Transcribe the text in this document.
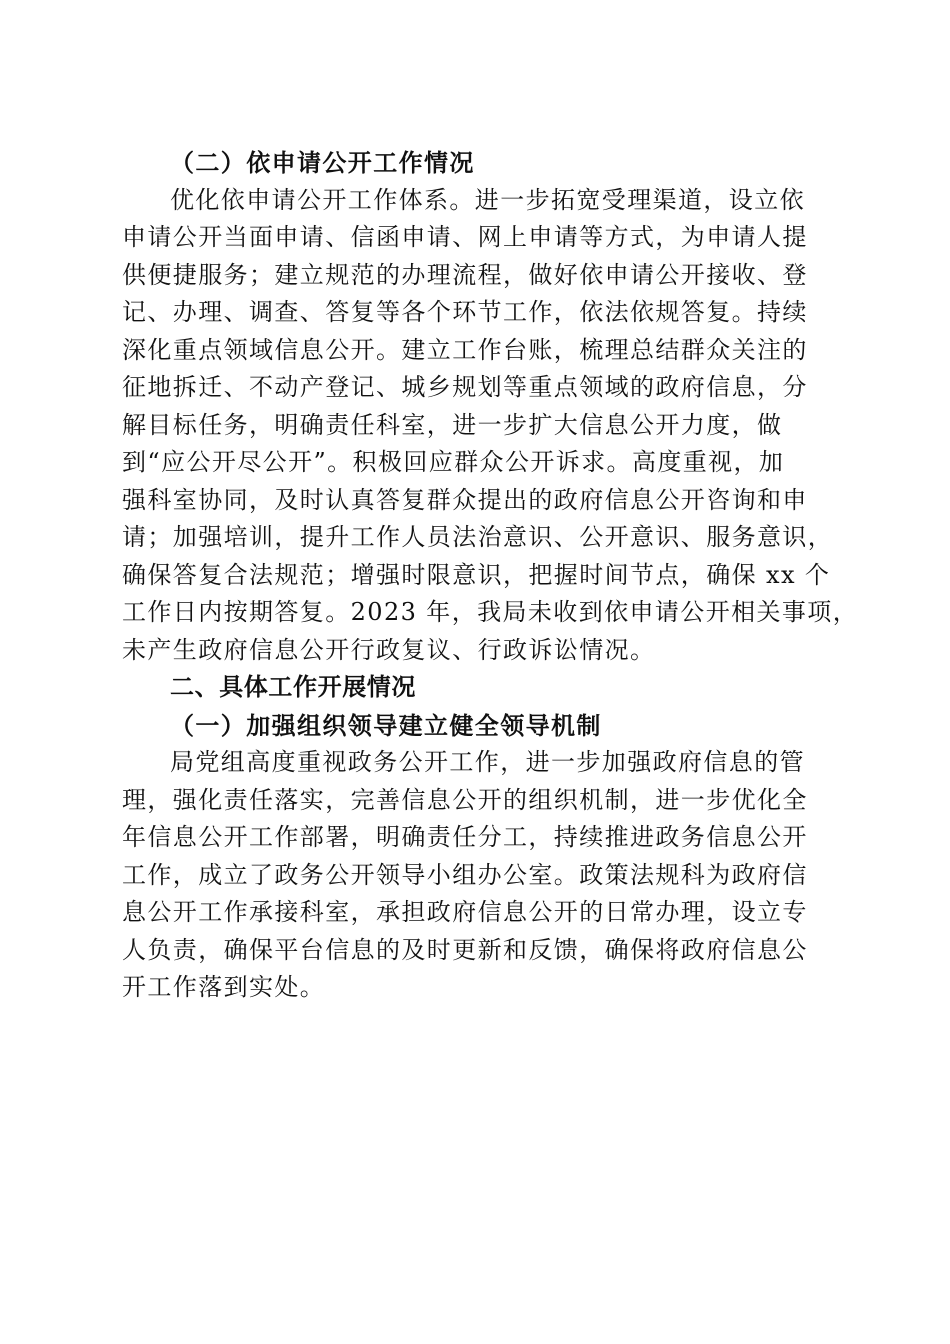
（二）依申请公开工作情况
优化依申请公开工作体系。进一步拓宽受理渠道，设立依
申请公开当面申请、信函申请、网上申请等方式，为申请人提
供便捷服务；建立规范的办理流程，做好依申请公开接收、登
记、办理、调查、答复等各个环节工作，依法依规答复。持续
深化重点领域信息公开。建立工作台账，梳理总结群众关注的
征地拆迁、不动产登记、城乡规划等重点领域的政府信息，分
解目标任务，明确责任科室，进一步扩大信息公开力度，做
到“应公开尽公开”。积极回应群众公开诉求。高度重视，加
强科室协同，及时认真答复群众提出的政府信息公开咨询和申
请；加强培训，提升工作人员法治意识、公开意识、服务意识，
确保答复合法规范；增强时限意识，把握时间节点，确保 xx 个
工作日内按期答复。2023 年，我局未收到依申请公开相关事项，
未产生政府信息公开行政复议、行政诉讼情况。
二、具体工作开展情况
（一）加强组织领导建立健全领导机制
局党组高度重视政务公开工作，进一步加强政府信息的管
理，强化责任落实，完善信息公开的组织机制，进一步优化全
年信息公开工作部署，明确责任分工，持续推进政务信息公开
工作，成立了政务公开领导小组办公室。政策法规科为政府信
息公开工作承接科室，承担政府信息公开的日常办理，设立专
人负责，确保平台信息的及时更新和反馈，确保将政府信息公
开工作落到实处。
